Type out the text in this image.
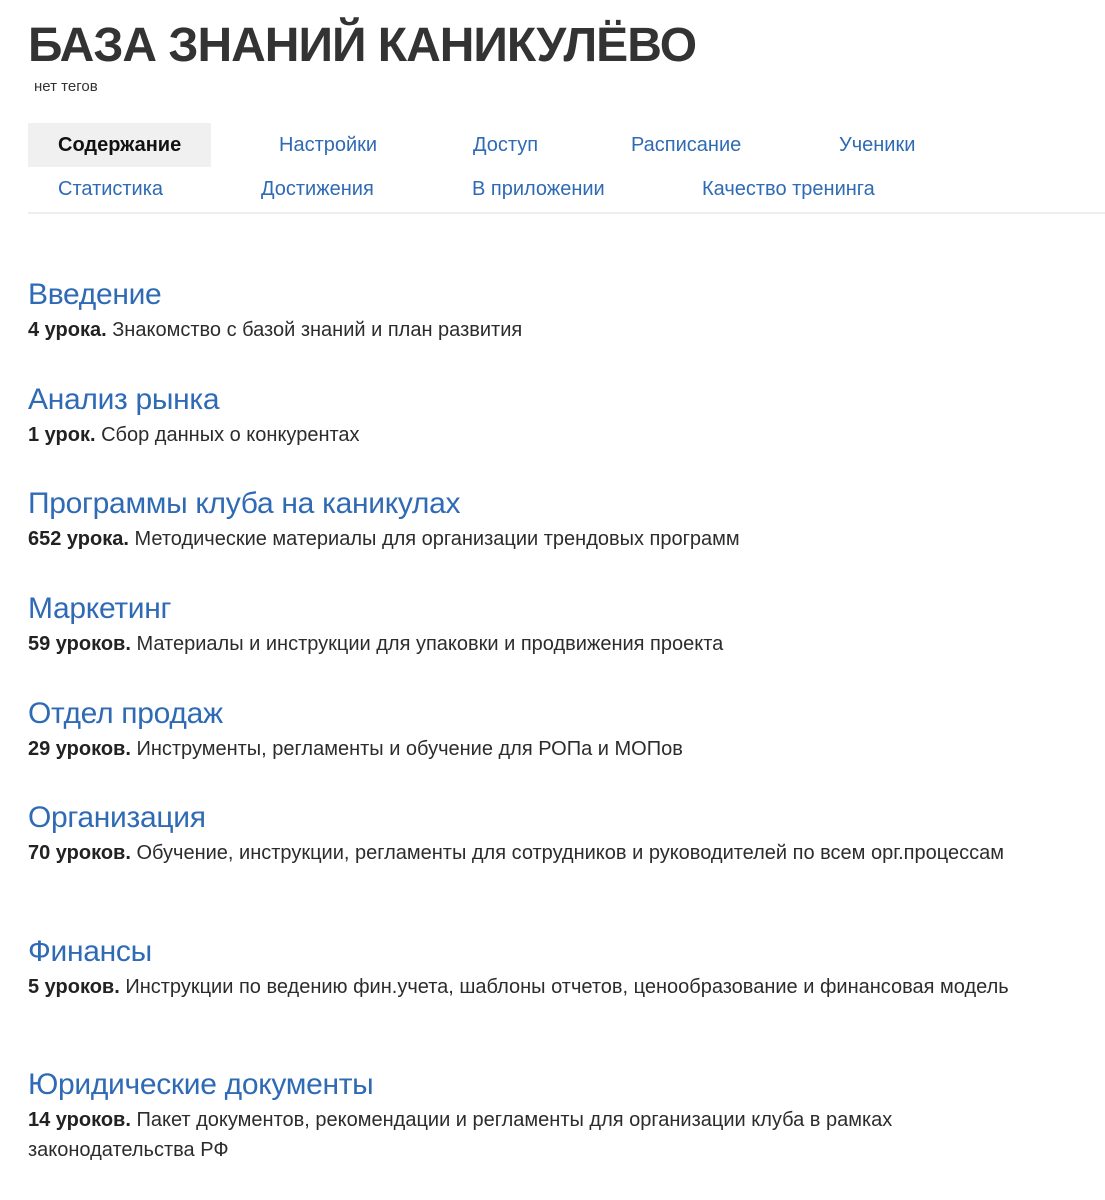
БАЗА ЗНАНИЙ КАНИКУЛЁВО
нет тегов
Содержание	Настройки	Доступ	Расписание	Ученики
Статистика	Достижения	В приложении	Качество тренинга
Введение
4 урока. Знакомство с базой знаний и план развития
Анализ рынка
1 урок. Сбор данных о конкурентах
Программы клуба на каникулах
652 урока. Методические материалы для организации трендовых программ
Маркетинг
59 уроков. Материалы и инструкции для упаковки и продвижения проекта
Отдел продаж
29 уроков. Инструменты, регламенты и обучение для РОПа и МОПов
Организация
70 уроков. Обучение, инструкции, регламенты для сотрудников и руководителей по всем орг.процессам
Финансы
5 уроков. Инструкции по ведению фин.учета, шаблоны отчетов, ценообразование и финансовая модель
Юридические документы
14 уроков. Пакет документов, рекомендации и регламенты для организации клуба в рамках законодательства РФ
